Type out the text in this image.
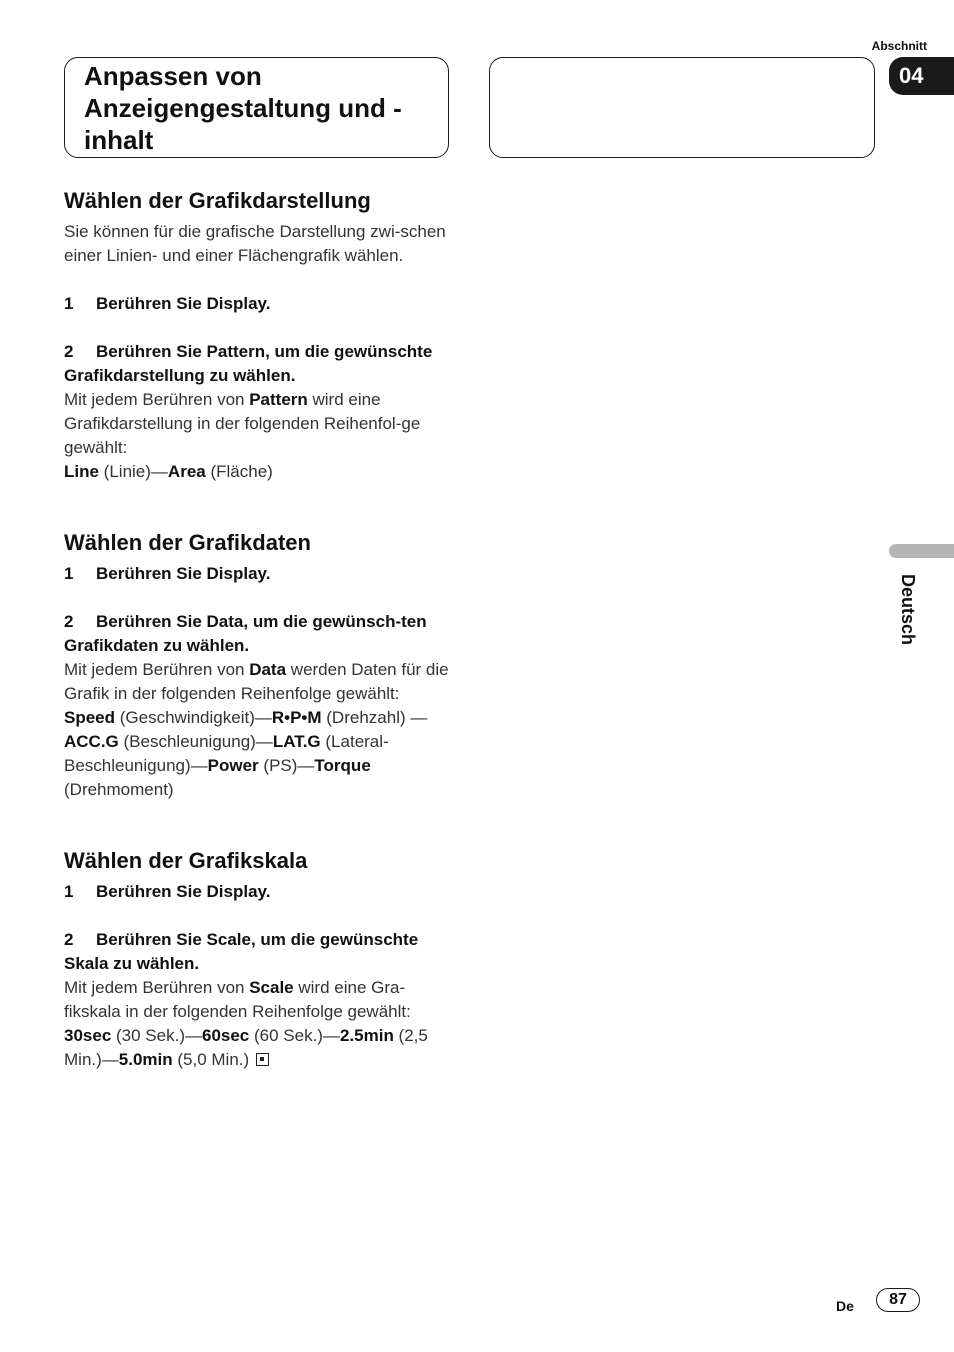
Anpassen von Anzeigengestaltung und -inhalt
Abschnitt
04
Deutsch
Wählen der Grafikdarstellung

Sie können für die grafische Darstellung zwi-schen einer Linien- und einer Flächengrafik wählen.

1 Berühren Sie Display.

2 Berühren Sie Pattern, um die gewünschte Grafikdarstellung zu wählen.

Mit jedem Berühren von Pattern wird eine Grafikdarstellung in der folgenden Reihenfol-ge gewählt:

Line (Linie)—Area (Fläche)

Wählen der Grafikdaten

1 Berühren Sie Display.

2 Berühren Sie Data, um die gewünsch-ten Grafikdaten zu wählen.

Mit jedem Berühren von Data werden Daten für die Grafik in der folgenden Reihenfolge gewählt:

Speed (Geschwindigkeit)—R•P•M (Drehzahl) —ACC.G (Beschleunigung)—LAT.G (Lateral-Beschleunigung)—Power (PS)—Torque (Drehmoment)

Wählen der Grafikskala

1 Berühren Sie Display.

2 Berühren Sie Scale, um die gewünschte Skala zu wählen.

Mit jedem Berühren von Scale wird eine Gra-fikskala in der folgenden Reihenfolge gewählt:

30sec (30 Sek.)—60sec (60 Sek.)—2.5min (2,5 Min.)—5.0min (5,0 Min.)

De	87
